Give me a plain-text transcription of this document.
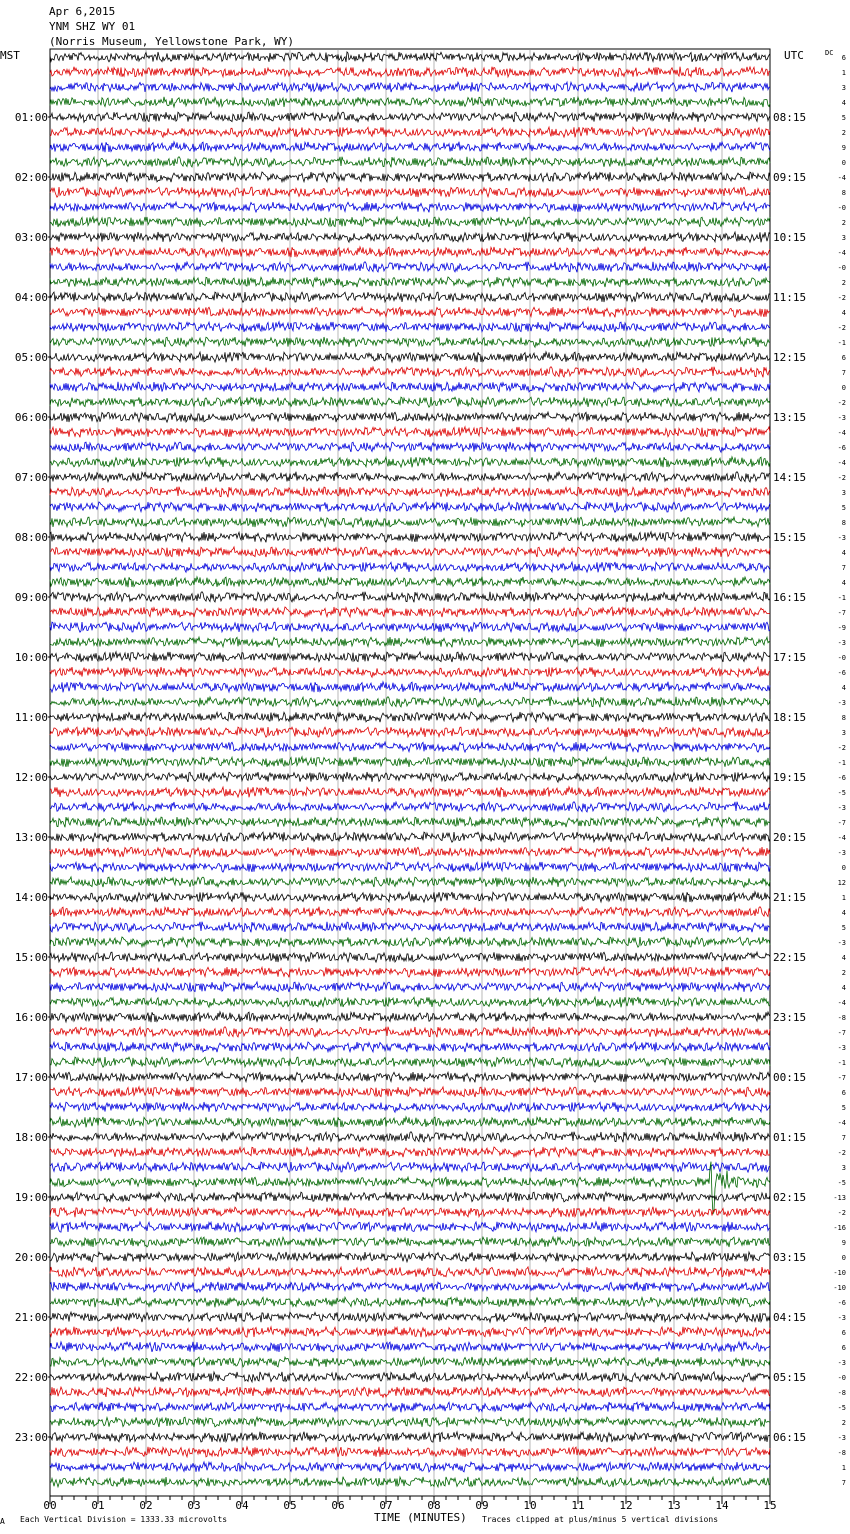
Apr 6,2015
YNM SHZ WY 01
(Norris Museum, Yellowstone Park, WY)
MST	UTC	DC
00	01	02	03	04	05	06	07	08	09	10	11	12	13	14	15
6
1
3
4
5
2
9
0
-4
8
-0
2
3
-4
-0
2
-2
4
-2
-1
6
7
0
-2
-3
-4
-6
-4
-2
3
5
8
-3
4
7
4
-1
-7
-9
-3
-0
-6
4
-3
8
3
-2
-1
-6
-5
-3
-7
-4
-3
0
12
1
4
5
-3
4
2
4
-4
-8
-7
-3
-1
-7
6
5
-4
7
-2
3
-5
-13
-2
-16
9
0
-10
-10
-6
-3
6
6
-3
-0
-8
-5
2
-3
-8
1
7
01:00
02:00
03:00
04:00
05:00
06:00
07:00
08:00
09:00
10:00
11:00
12:00
13:00
14:00
15:00
16:00
17:00
18:00
19:00
20:00
21:00
22:00
23:00
08:15
09:15
10:15
11:15
12:15
13:15
14:15
15:15
16:15
17:15
18:15
19:15
20:15
21:15
22:15
23:15
00:15
01:15
02:15
03:15
04:15
05:15
06:15
A Each Vertical Division = 1333.33 microvolts	TIME (MINUTES) Traces clipped at plus/minus 5 vertical divisions
